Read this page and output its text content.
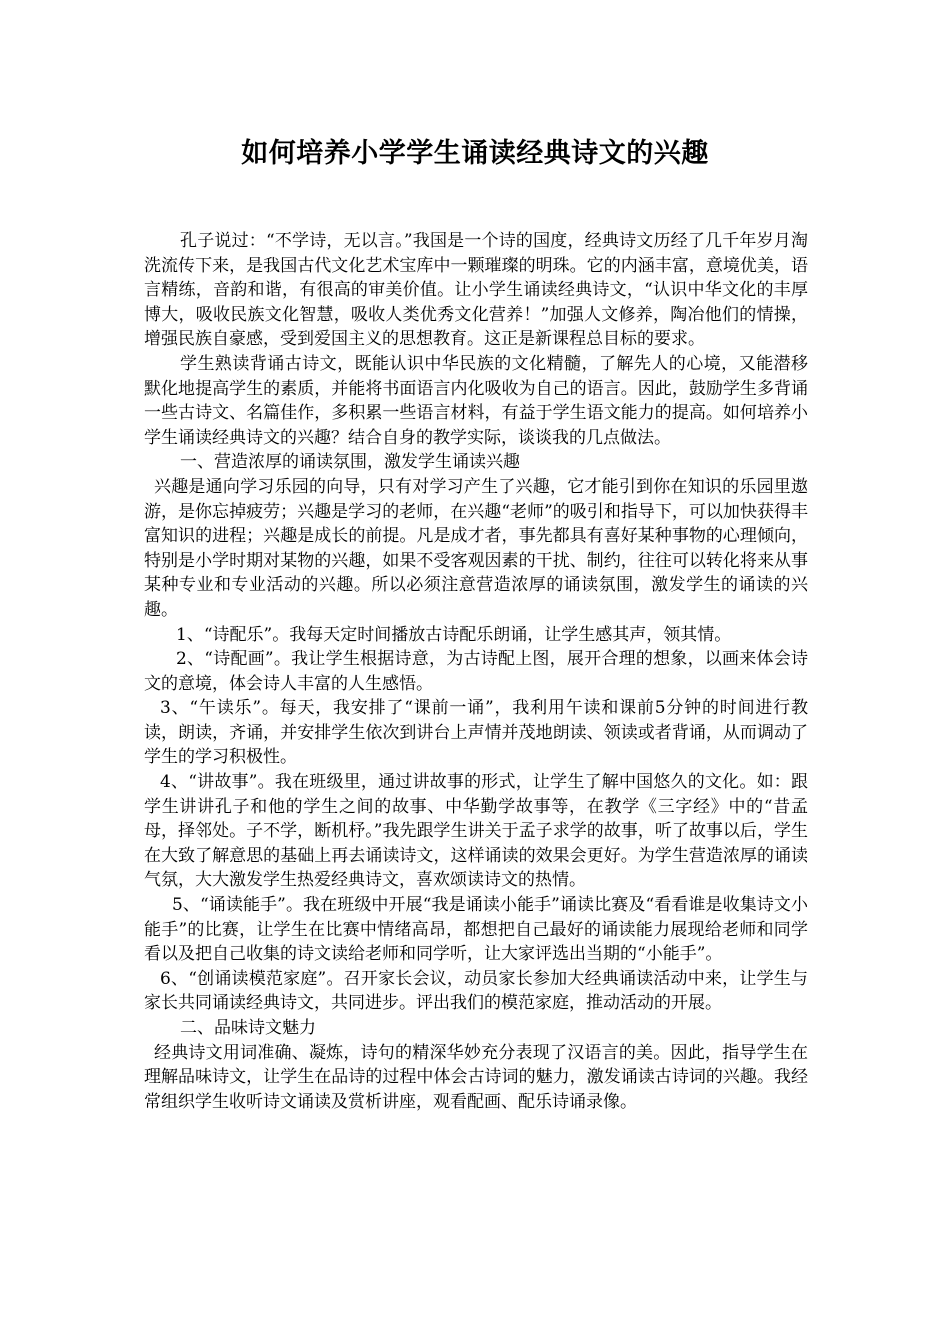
如何培养小学学生诵读经典诗文的兴趣

孔子说过：“不学诗，无以言。”我国是一个诗的国度，经典诗文历经了几千年岁月淘洗流传下来，是我国古代文化艺术宝库中一颗璀璨的明珠。它的内涵丰富，意境优美，语言精练，音韵和谐，有很高的审美价值。让小学生诵读经典诗文，“认识中华文化的丰厚博大，吸收民族文化智慧，吸收人类优秀文化营养！”加强人文修养，陶冶他们的情操，增强民族自豪感，受到爱国主义的思想教育。这正是新课程总目标的要求。

学生熟读背诵古诗文，既能认识中华民族的文化精髓，了解先人的心境，又能潜移默化地提高学生的素质，并能将书面语言内化吸收为自己的语言。因此，鼓励学生多背诵一些古诗文、名篇佳作，多积累一些语言材料，有益于学生语文能力的提高。如何培养小学生诵读经典诗文的兴趣？结合自身的教学实际，谈谈我的几点做法。

一、营造浓厚的诵读氛围，激发学生诵读兴趣

兴趣是通向学习乐园的向导，只有对学习产生了兴趣，它才能引到你在知识的乐园里遨游，是你忘掉疲劳；兴趣是学习的老师，在兴趣“老师”的吸引和指导下，可以加快获得丰富知识的进程；兴趣是成长的前提。凡是成才者，事先都具有喜好某种事物的心理倾向，特别是小学时期对某物的兴趣，如果不受客观因素的干扰、制约，往往可以转化将来从事某种专业和专业活动的兴趣。所以必须注意营造浓厚的诵读氛围，激发学生的诵读的兴趣。

1、“诗配乐”。我每天定时间播放古诗配乐朗诵，让学生感其声，领其情。

2、“诗配画”。我让学生根据诗意，为古诗配上图，展开合理的想象，以画来体会诗文的意境，体会诗人丰富的人生感悟。

3、“午读乐”。每天，我安排了“课前一诵”，我利用午读和课前5分钟的时间进行教读，朗读，齐诵，并安排学生依次到讲台上声情并茂地朗读、领读或者背诵，从而调动了学生的学习积极性。

4、“讲故事”。我在班级里，通过讲故事的形式，让学生了解中国悠久的文化。如：跟学生讲讲孔子和他的学生之间的故事、中华勤学故事等，在教学《三字经》中的“昔孟母，择邻处。子不学，断机杼。”我先跟学生讲关于孟子求学的故事，听了故事以后，学生在大致了解意思的基础上再去诵读诗文，这样诵读的效果会更好。为学生营造浓厚的诵读气氛，大大激发学生热爱经典诗文，喜欢颂读诗文的热情。

5、“诵读能手”。我在班级中开展“我是诵读小能手”诵读比赛及“看看谁是收集诗文小能手”的比赛，让学生在比赛中情绪高昂，都想把自己最好的诵读能力展现给老师和同学看以及把自己收集的诗文读给老师和同学听，让大家评选出当期的“小能手”。

6、“创诵读模范家庭”。召开家长会议，动员家长参加大经典诵读活动中来，让学生与家长共同诵读经典诗文，共同进步。评出我们的模范家庭，推动活动的开展。

二、品味诗文魅力

经典诗文用词准确、凝炼，诗句的精深华妙充分表现了汉语言的美。因此，指导学生在理解品味诗文，让学生在品诗的过程中体会古诗词的魅力，激发诵读古诗词的兴趣。我经常组织学生收听诗文诵读及赏析讲座，观看配画、配乐诗诵录像。
